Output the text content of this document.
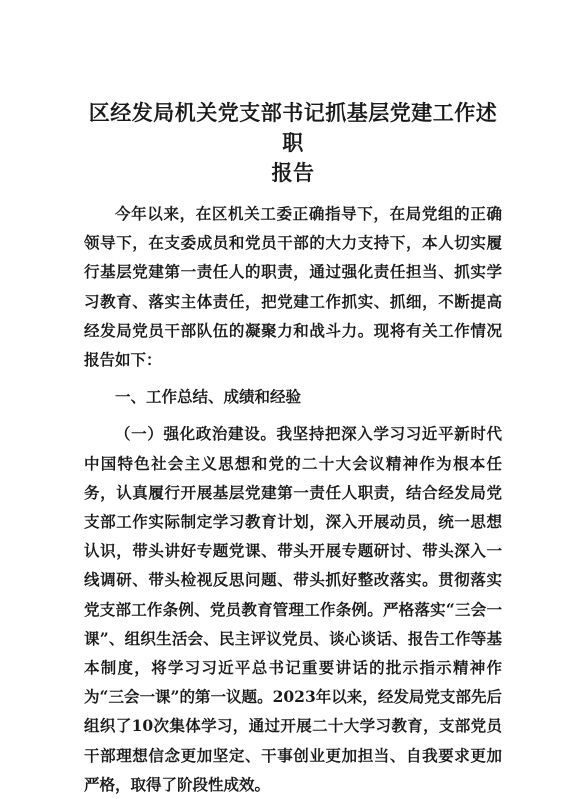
区经发局机关党支部书记抓基层党建工作述职
报告

今年以来，在区机关工委正确指导下，在局党组的正确领导下，在支委成员和党员干部的大力支持下，本人切实履行基层党建第一责任人的职责，通过强化责任担当、抓实学习教育、落实主体责任，把党建工作抓实、抓细，不断提高经发局党员干部队伍的凝聚力和战斗力。现将有关工作情况报告如下：

一、工作总结、成绩和经验

（一）强化政治建设。我坚持把深入学习习近平新时代中国特色社会主义思想和党的二十大会议精神作为根本任务，认真履行开展基层党建第一责任人职责，结合经发局党支部工作实际制定学习教育计划，深入开展动员，统一思想认识，带头讲好专题党课、带头开展专题研讨、带头深入一线调研、带头检视反思问题、带头抓好整改落实。贯彻落实党支部工作条例、党员教育管理工作条例。严格落实“三会一课”、组织生活会、民主评议党员、谈心谈话、报告工作等基本制度，将学习习近平总书记重要讲话的批示指示精神作为“三会一课”的第一议题。2023年以来，经发局党支部先后组织了10次集体学习，通过开展二十大学习教育，支部党员干部理想信念更加坚定、干事创业更加担当、自我要求更加严格，取得了阶段性成效。
